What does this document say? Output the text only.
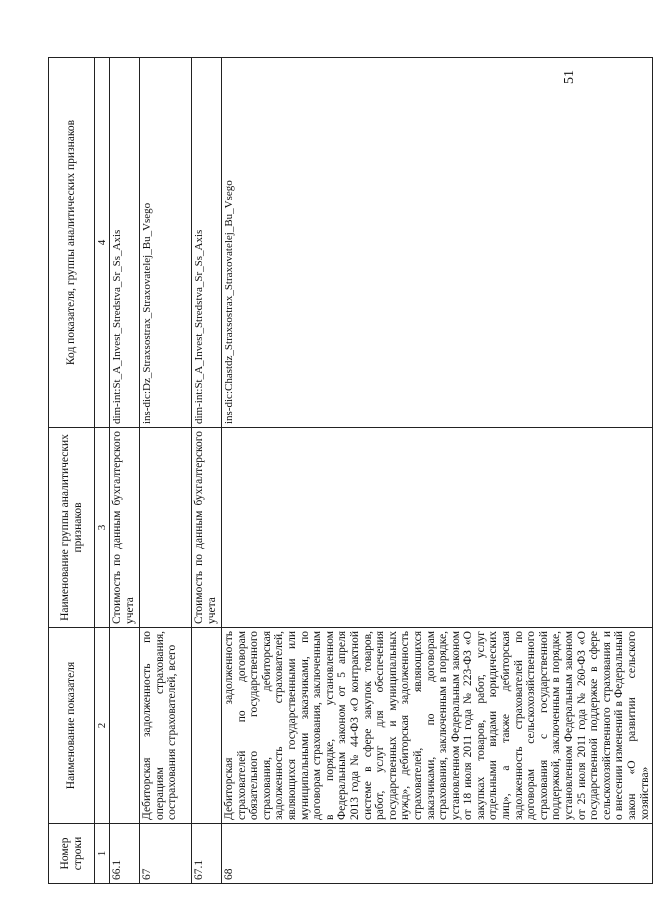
Номер строки	Наименование показателя	Наименование группы аналитических признаков	Код показателя, группы аналитических признаков
1	2	3	4
66.1		Стоимость по данным бухгалтерского учета	dim-int:St_A_Invest_Stredstva_Sr_Ss_Axis
67	Дебиторская задолженность по операциям страхования, сострахования страхователей, всего		ins-dic:Dz_Straxsostrax_Straxovatelej_Bu_Vsego
67.1		Стоимость по данным бухгалтерского учета	dim-int:St_A_Invest_Stredstva_Sr_Ss_Axis
68	Дебиторская задолженность страхователей по договорам обязательного государственного страхования, дебиторская задолженность страхователей, являющихся государственными или муниципальными заказчиками, по договорам страхования, заключенным в порядке, установленном Федеральным законом от 5 апреля 2013 года № 44-ФЗ «О контрактной системе в сфере закупок товаров, работ, услуг для обеспечения государственных и муниципальных нужд», дебиторская задолженность страхователей, являющихся заказчиками, по договорам страхования, заключенным в порядке, установленном Федеральным законом от 18 июля 2011 года № 223-ФЗ «О закупках товаров, работ, услуг отдельными видами юридических лиц», а также дебиторская задолженность страхователей по договорам сельскохозяйственного страхования с государственной поддержкой, заключенным в порядке, установленном Федеральным законом от 25 июля 2011 года № 260-ФЗ «О государственной поддержке в сфере сельскохозяйственного страхования и о внесении изменений в Федеральный закон «О развитии сельского хозяйства»		ins-dic:Chastdz_Straxsostrax_Straxovatelej_Bu_Vsego
51
